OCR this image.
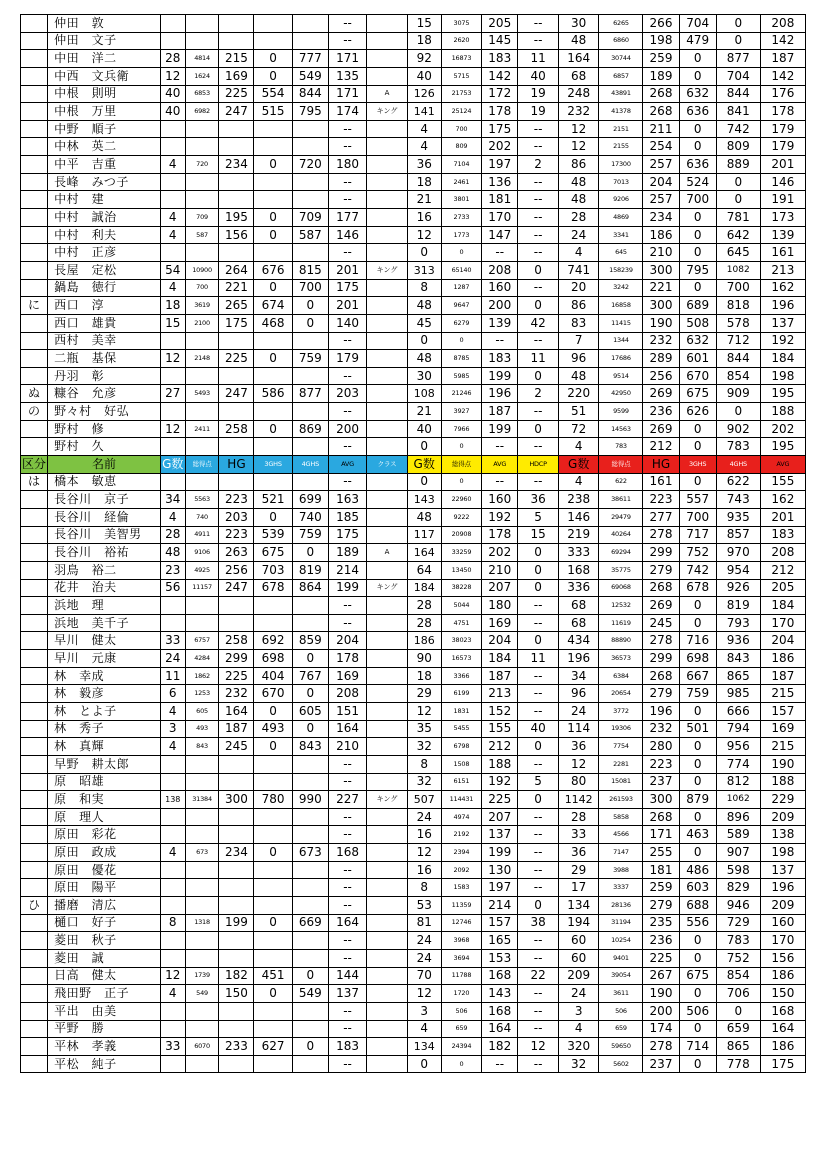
	仲田　敦						--		15	3075	205	--	30	6265	266	704	0	208
	仲田　文子						--		18	2620	145	--	48	6860	198	479	0	142
	中田　洋二	28	4814	215	0	777	171		92	16873	183	11	164	30744	259	0	877	187
	中西　文兵衛	12	1624	169	0	549	135		40	5715	142	40	68	6857	189	0	704	142
	中根　則明	40	6853	225	554	844	171	A	126	21753	172	19	248	43891	268	632	844	176
	中根　万里	40	6982	247	515	795	174	キング	141	25124	178	19	232	41378	268	636	841	178
	中野　順子						--		4	700	175	--	12	2151	211	0	742	179
	中林　英二						--		4	809	202	--	12	2155	254	0	809	179
	中平　吉重	4	720	234	0	720	180		36	7104	197	2	86	17300	257	636	889	201
	長峰　みつ子						--		18	2461	136	--	48	7013	204	524	0	146
	中村　建						--		21	3801	181	--	48	9206	257	700	0	191
	中村　誠治	4	709	195	0	709	177		16	2733	170	--	28	4869	234	0	781	173
	中村　利夫	4	587	156	0	587	146		12	1773	147	--	24	3341	186	0	642	139
	中村　正彦						--		0	0	--	--	4	645	210	0	645	161
	長屋　定松	54	10900	264	676	815	201	キング	313	65140	208	0	741	158239	300	795	1082	213
	鍋島　徳行	4	700	221	0	700	175		8	1287	160	--	20	3242	221	0	700	162
に	西口　淳	18	3619	265	674	0	201		48	9647	200	0	86	16858	300	689	818	196
	西口　雄貴	15	2100	175	468	0	140		45	6279	139	42	83	11415	190	508	578	137
	西村　美幸						--		0	0	--	--	7	1344	232	632	712	192
	二瓶　基保	12	2148	225	0	759	179		48	8785	183	11	96	17686	289	601	844	184
	丹羽　彰						--		30	5985	199	0	48	9514	256	670	854	198
ぬ	糠谷　允彦	27	5493	247	586	877	203		108	21246	196	2	220	42950	269	675	909	195
の	野々村　好弘						--		21	3927	187	--	51	9599	236	626	0	188
	野村　修	12	2411	258	0	869	200		40	7966	199	0	72	14563	269	0	902	202
	野村　久						--		0	0	--	--	4	783	212	0	783	195
区分	名前	G数	総得点	HG	3GHS	4GHS	AVG	クラス	G数	総得点	AVG	HDCP	G数	総得点	HG	3GHS	4GHS	AVG
は	橋本　敏恵						--		0	0	--	--	4	622	161	0	622	155
	長谷川　京子	34	5563	223	521	699	163		143	22960	160	36	238	38611	223	557	743	162
	長谷川　経倫	4	740	203	0	740	185		48	9222	192	5	146	29479	277	700	935	201
	長谷川　美智男	28	4911	223	539	759	175		117	20908	178	15	219	40264	278	717	857	183
	長谷川　裕祐	48	9106	263	675	0	189	A	164	33259	202	0	333	69294	299	752	970	208
	羽鳥　裕二	23	4925	256	703	819	214		64	13450	210	0	168	35775	279	742	954	212
	花井　治夫	56	11157	247	678	864	199	キング	184	38228	207	0	336	69068	268	678	926	205
	浜地　理						--		28	5044	180	--	68	12532	269	0	819	184
	浜地　美千子						--		28	4751	169	--	68	11619	245	0	793	170
	早川　健太	33	6757	258	692	859	204		186	38023	204	0	434	88890	278	716	936	204
	早川　元康	24	4284	299	698	0	178		90	16573	184	11	196	36573	299	698	843	186
	林　幸成	11	1862	225	404	767	169		18	3366	187	--	34	6384	268	667	865	187
	林　毅彦	6	1253	232	670	0	208		29	6199	213	--	96	20654	279	759	985	215
	林　とよ子	4	605	164	0	605	151		12	1831	152	--	24	3772	196	0	666	157
	林　秀子	3	493	187	493	0	164		35	5455	155	40	114	19306	232	501	794	169
	林　真輝	4	843	245	0	843	210		32	6798	212	0	36	7754	280	0	956	215
	早野　耕太郎						--		8	1508	188	--	12	2281	223	0	774	190
	原　昭雄						--		32	6151	192	5	80	15081	237	0	812	188
	原　和実	138	31384	300	780	990	227	キング	507	114431	225	0	1142	261593	300	879	1062	229
	原　理人						--		24	4974	207	--	28	5858	268	0	896	209
	原田　彩花						--		16	2192	137	--	33	4566	171	463	589	138
	原田　政成	4	673	234	0	673	168		12	2394	199	--	36	7147	255	0	907	198
	原田　優花						--		16	2092	130	--	29	3988	181	486	598	137
	原田　陽平						--		8	1583	197	--	17	3337	259	603	829	196
ひ	播磨　清広						--		53	11359	214	0	134	28136	279	688	946	209
	樋口　好子	8	1318	199	0	669	164		81	12746	157	38	194	31194	235	556	729	160
	菱田　秋子						--		24	3968	165	--	60	10254	236	0	783	170
	菱田　誠						--		24	3694	153	--	60	9401	225	0	752	156
	日高　健太	12	1739	182	451	0	144		70	11788	168	22	209	39054	267	675	854	186
	飛田野　正子	4	549	150	0	549	137		12	1720	143	--	24	3611	190	0	706	150
	平出　由美						--		3	506	168	--	3	506	200	506	0	168
	平野　勝						--		4	659	164	--	4	659	174	0	659	164
	平林　孝義	33	6070	233	627	0	183		134	24394	182	12	320	59650	278	714	865	186
	平松　純子						--		0	0	--	--	32	5602	237	0	778	175
